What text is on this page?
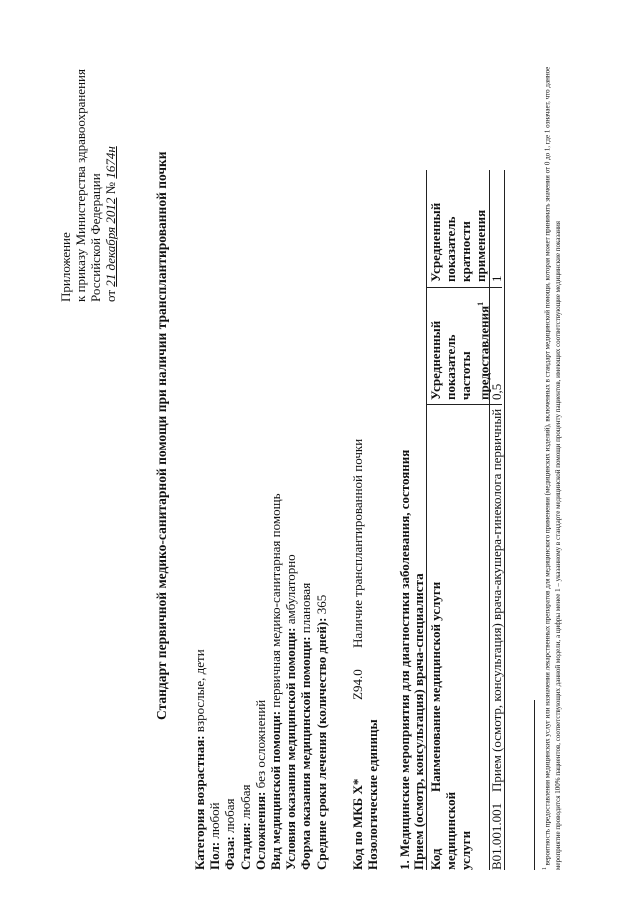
Приложение к приказу Министерства здравоохранения Российской Федерации от 21 декабря 2012 № 1674н	Стандарт первичной медико-санитарной помощи при наличии трансплантированной почки
Категория возрастная: взрослые, дети
Пол: любой
Фаза: любая
Стадия: любая Осложнения: без осложнений Вид медицинской помощи: первичная медико-санитарная помощь
Условия оказания медицинской помощи: амбулаторно
Форма оказания медицинской помощи: плановая
Средние сроки лечения (количество дней): 365
Код по МКБ X* Нозологические единицы
Z94.0
Наличие трансплантированной почки 1. Медицинские мероприятия для диагностики заболевания, состояния Прием (осмотр, консультация) врача-специалиста Код медицинской услуги
Наименование медицинской услуги
Усредненный показатель частоты предоставления$^1$
Усредненный показатель кратности применения
B01.001.001
Прием (осмотр, консультация) врача-акушера-гинеколога первичный
0,5
1
$^1$ вероятность предоставления медицинских услуг или назначения лекарственных препаратов для медицинского применения (медицинских изделий), включенных в стандарт медицинской помощи, которая может принимать значения от 0 до 1, где 1 означает, что данное мероприятие проводится 100% пациентов, соответствующих данной модели, а цифры менее 1 – указанному в стандарте медицинской помощи проценту пациентов, имеющих соответствующие медицинские показания
